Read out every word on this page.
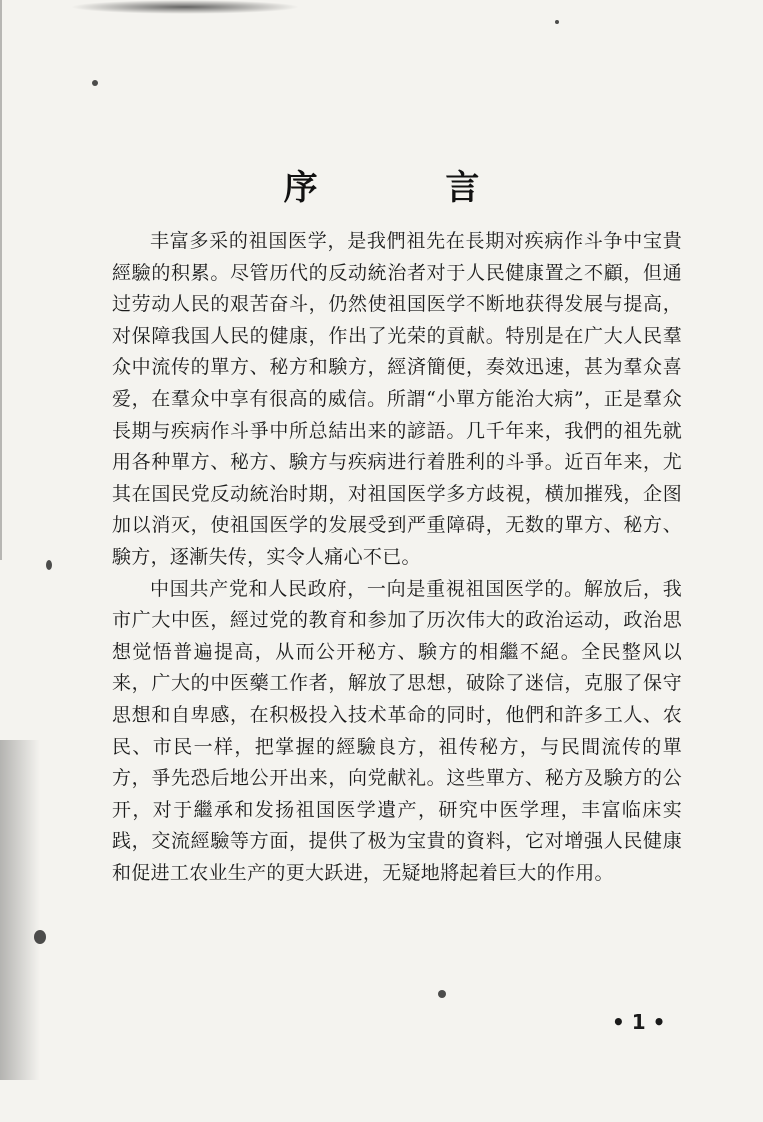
序 言

丰富多采的祖国医学，是我們祖先在長期对疾病作斗争中宝貴經驗的积累。尽管历代的反动統治者对于人民健康置之不顧，但通过劳动人民的艰苦奋斗，仍然使祖国医学不断地获得发展与提高，对保障我国人民的健康，作出了光荣的貢献。特別是在广大人民羣众中流传的單方、秘方和験方，經済簡便，奏效迅速，甚为羣众喜爱，在羣众中享有很高的威信。所謂“小單方能治大病”，正是羣众長期与疾病作斗爭中所总結出来的諺語。几千年来，我們的祖先就用各种單方、秘方、験方与疾病进行着胜利的斗爭。近百年来，尤其在国民党反动統治时期，对祖国医学多方歧視，横加摧残，企图加以消灭，使祖国医学的发展受到严重障碍，无数的單方、秘方、験方，逐漸失传，实令人痛心不已。

中国共产党和人民政府，一向是重視祖国医学的。解放后，我市广大中医，經过党的教育和参加了历次伟大的政治运动，政治思想觉悟普遍提高，从而公开秘方、験方的相繼不絕。全民整风以来，广大的中医藥工作者，解放了思想，破除了迷信，克服了保守思想和自卑感，在积极投入技术革命的同时，他們和許多工人、农民、市民一样，把掌握的經驗良方，祖传秘方，与民間流传的單方，爭先恐后地公开出来，向党献礼。这些單方、秘方及験方的公开，对于繼承和发扬祖国医学遺产，研究中医学理，丰富临床实践，交流經驗等方面，提供了极为宝貴的資料，它对增强人民健康和促进工农业生产的更大跃进，无疑地將起着巨大的作用。

• 1 •
